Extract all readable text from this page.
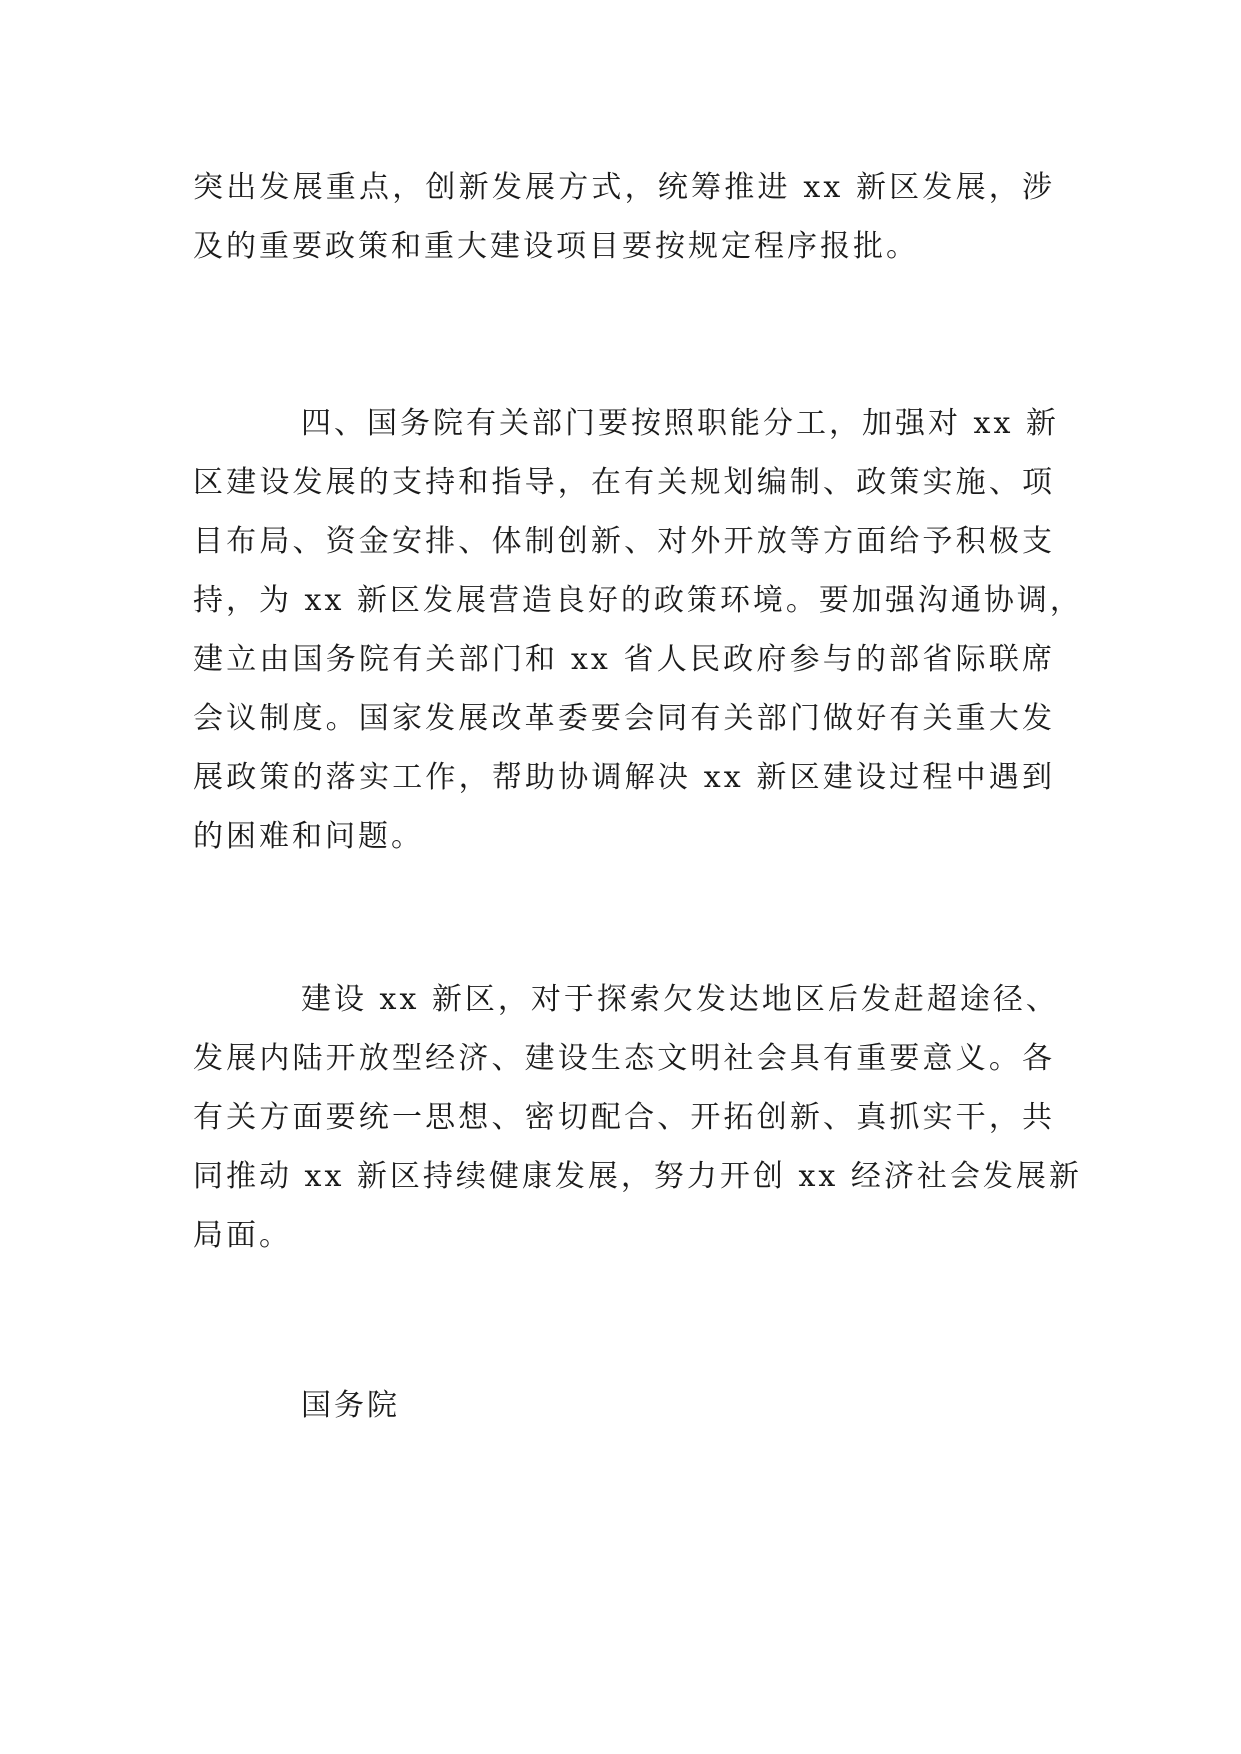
突出发展重点，创新发展方式，统筹推进 xx 新区发展，涉
及的重要政策和重大建设项目要按规定程序报批。
四、国务院有关部门要按照职能分工，加强对 xx 新
区建设发展的支持和指导，在有关规划编制、政策实施、项
目布局、资金安排、体制创新、对外开放等方面给予积极支
持，为 xx 新区发展营造良好的政策环境。要加强沟通协调，
建立由国务院有关部门和 xx 省人民政府参与的部省际联席
会议制度。国家发展改革委要会同有关部门做好有关重大发
展政策的落实工作，帮助协调解决 xx 新区建设过程中遇到
的困难和问题。
建设 xx 新区，对于探索欠发达地区后发赶超途径、
发展内陆开放型经济、建设生态文明社会具有重要意义。各
有关方面要统一思想、密切配合、开拓创新、真抓实干，共
同推动 xx 新区持续健康发展，努力开创 xx 经济社会发展新
局面。

国务院
